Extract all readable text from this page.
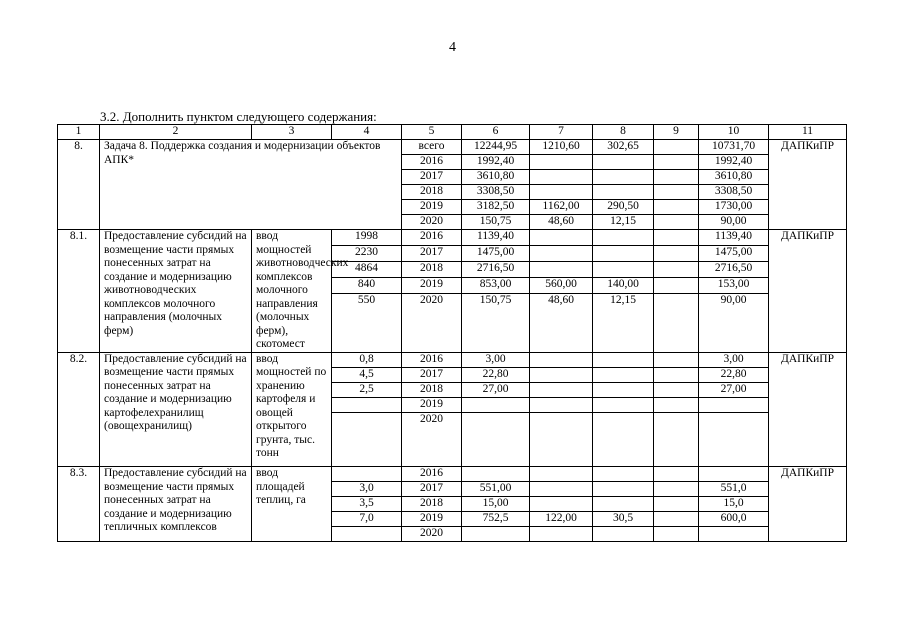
4
3.2. Дополнить пунктом следующего содержания:
1	2	3	4	5	6	7	8	9	10	11
8.	Задача 8. Поддержка создания и модернизации объектов АПК*			всего	12244,95	1210,60	302,65		10731,70	ДАПКиПР
				2016	1992,40				1992,40	
				2017	3610,80				3610,80	
				2018	3308,50				3308,50	
				2019	3182,50	1162,00	290,50		1730,00	
				2020	150,75	48,60	12,15		90,00	
8.1.	Предоставление субсидий на возмещение части прямых понесенных затрат на создание и модернизацию животноводческих комплексов молочного направления (молочных ферм)	ввод мощностей животноводческих комплексов молочного направления (молочных ферм), скотомест	1998	2016	1139,40				1139,40	ДАПКиПР
			2230	2017	1475,00				1475,00	
			4864	2018	2716,50				2716,50	
			840	2019	853,00	560,00	140,00		153,00	
			550	2020	150,75	48,60	12,15		90,00	
8.2.	Предоставление субсидий на возмещение части прямых понесенных затрат на создание и модернизацию картофелехранилищ (овощехранилищ)	ввод мощностей по хранению картофеля и овощей открытого грунта, тыс. тонн	0,8	2016	3,00				3,00	ДАПКиПР
			4,5	2017	22,80				22,80	
			2,5	2018	27,00				27,00	
				2019						
				2020						
8.3.	Предоставление субсидий на возмещение части прямых понесенных затрат на создание и модернизацию тепличных комплексов	ввод площадей теплиц, га		2016						ДАПКиПР
			3,0	2017	551,00				551,0	
			3,5	2018	15,00				15,0	
			7,0	2019	752,5	122,00	30,5		600,0	
				2020						
